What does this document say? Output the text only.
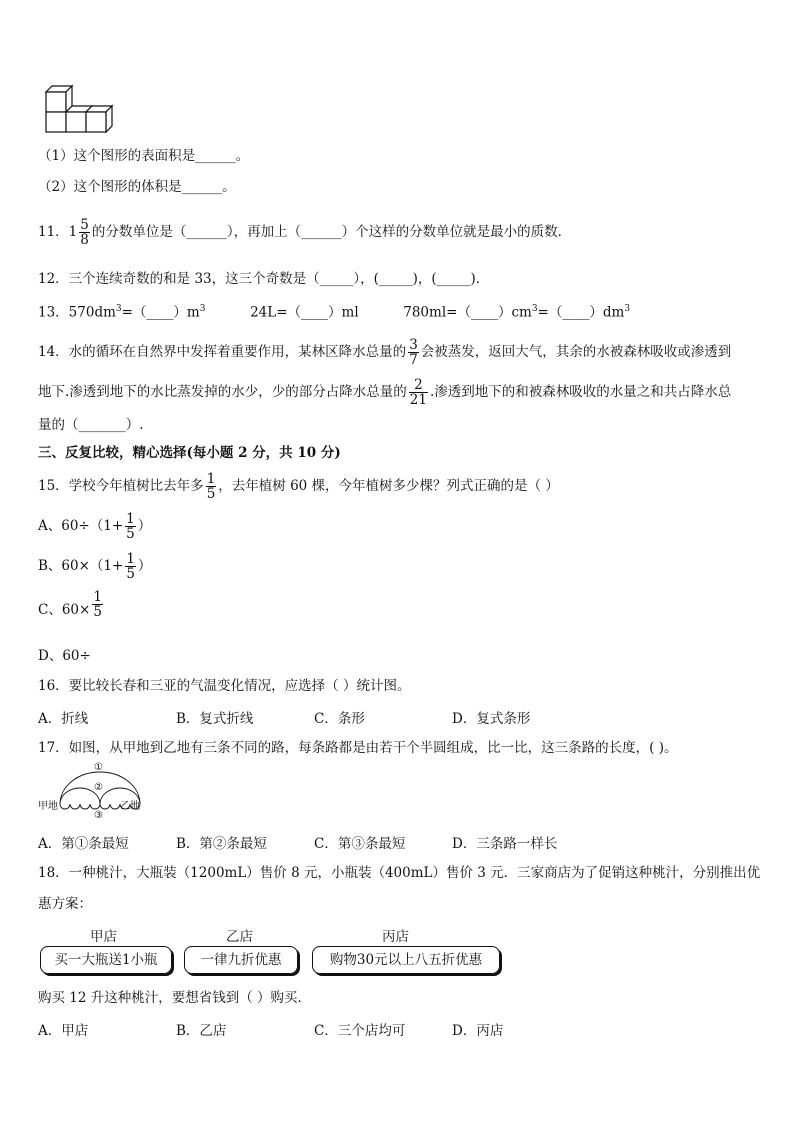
（1）这个图形的表面积是______。
（2）这个图形的体积是______。
11．$1 \frac{5}{8}$ 的分数单位是（______），再加上（______）个这样的分数单位就是最小的质数．
12．三个连续奇数的和是 33，这三个奇数是（_____），(_____)，(_____)．
13．$570dm^3=(\_\_\_\_)m^3$	24L=（____）ml	$780ml=(\_\_\_\_)cm^3=(\_\_\_\_)dm^3$
14．水的循环在自然界中发挥着重要作用，某林区降水总量的 $\frac{3}{7}$ 会被蒸发，返回大气，其余的水被森林吸收或渗透到
地下.渗透到地下的水比蒸发掉的水少，少的部分占降水总量的 $\frac{2}{21}$ .渗透到地下的和被森林吸收的水量之和共占降水总
量的（_______）.
三、反复比较，精心选择(每小题 2 分，共 10 分)
15．学校今年植树比去年多 $\frac{1}{5}$ ，去年植树 60 棵，今年植树多少棵？列式正确的是（ ）
A、$60\div(1+ \frac{1}{5}$ ）
B、$60\times(1+ \frac{1}{5}$ ）
C、$60\times \frac{1}{5}$
D、60÷
16．要比较长春和三亚的气温变化情况，应选择（ ）统计图。
A．折线	B．复式折线	C．条形	D．复式条形
17．如图，从甲地到乙地有三条不同的路，每条路都是由若干个半圆组成，比一比，这三条路的长度，( )。
甲地	乙地
①
②
③
A．第①条最短	B．第②条最短	C．第③条最短	D．三条路一样长
18．一种桃汁，大瓶装（1200mL）售价 8 元，小瓶装（400mL）售价 3 元．三家商店为了促销这种桃汁，分别推出优
惠方案：
甲店	乙店	丙店
买一大瓶送1小瓶	一律九折优惠	购物30元以上八五折优惠
购买 12 升这种桃汁，要想省钱到（ ）购买．
A．甲店	B．乙店	C．三个店均可	D．丙店
